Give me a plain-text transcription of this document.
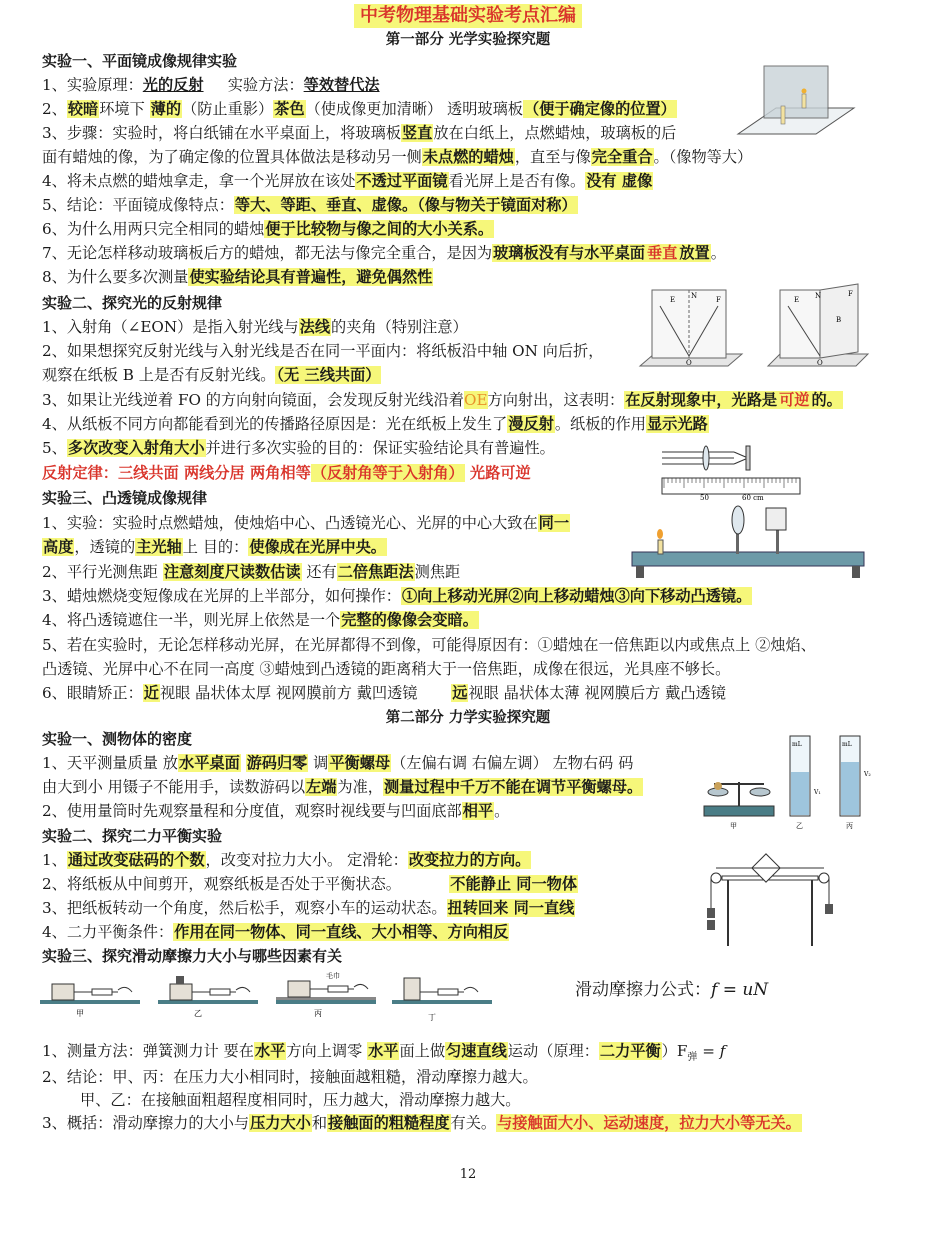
中考物理基础实验考点汇编
第一部分 光学实验探究题
实验一、平面镜成像规律实验
1、实验原理：光的反射 实验方法：等效替代法
2、较暗环境下 薄的（防止重影）茶色（使成像更加清晰） 透明玻璃板（便于确定像的位置）
3、步骤：实验时，将白纸铺在水平桌面上，将玻璃板竖直放在白纸上，点燃蜡烛，玻璃板的后
面有蜡烛的像，为了确定像的位置具体做法是移动另一侧未点燃的蜡烛，直至与像完全重合。（像物等大）
4、将未点燃的蜡烛拿走，拿一个光屏放在该处不透过平面镜看光屏上是否有像。没有 虚像
5、结论：平面镜成像特点：等大、等距、垂直、虚像。（像与物关于镜面对称）
6、为什么用两只完全相同的蜡烛便于比较物与像之间的大小关系。
7、无论怎样移动玻璃板后方的蜡烛，都无法与像完全重合，是因为玻璃板没有与水平桌面 垂直 放置。
8、为什么要多次测量使实验结论具有普遍性，避免偶然性
实验二、探究光的反射规律
1、入射角（∠EON）是指入射光线与法线的夹角（特别注意）
2、如果想探究反射光线与入射光线是否在同一平面内：将纸板沿中轴 ON 向后折，
观察在纸板 B 上是否有反射光线。（无 三线共面）
3、如果让光线逆着 FO 的方向射向镜面，会发现反射光线沿着OE方向射出，这表明：在反射现象中，光路是 可逆 的。
4、从纸板不同方向都能看到光的传播路径原因是：光在纸板上发生了漫反射。纸板的作用显示光路
5、多次改变入射角大小并进行多次实验的目的：保证实验结论具有普遍性。
反射定律：三线共面 两线分居 两角相等（反射角等于入射角） 光路可逆
实验三、凸透镜成像规律
1、实验：实验时点燃蜡烛，使烛焰中心、凸透镜光心、光屏的中心大致在同一
高度，透镜的主光轴上 目的：使像成在光屏中央。
2、平行光测焦距 注意刻度尺读数估读 还有二倍焦距法测焦距
3、蜡烛燃烧变短像成在光屏的上半部分，如何操作：①向上移动光屏②向上移动蜡烛③向下移动凸透镜。
4、将凸透镜遮住一半，则光屏上依然是一个完整的像像会变暗。
5、若在实验时，无论怎样移动光屏，在光屏都得不到像，可能得原因有：①蜡烛在一倍焦距以内或焦点上 ②烛焰、
凸透镜、光屏中心不在同一高度 ③蜡烛到凸透镜的距离稍大于一倍焦距，成像在很远，光具座不够长。
6、眼睛矫正：近视眼 晶状体太厚 视网膜前方 戴凹透镜 远视眼 晶状体太薄 视网膜后方 戴凸透镜
第二部分 力学实验探究题
实验一、测物体的密度
1、天平测量质量 放水平桌面 游码归零 调平衡螺母（左偏右调 右偏左调） 左物右码 码
由大到小 用镊子不能用手，读数游码以左端为准，测量过程中千万不能在调节平衡螺母。
2、使用量筒时先观察量程和分度值，观察时视线要与凹面底部相平。
实验二、探究二力平衡实验
1、通过改变砝码的个数，改变对拉力大小。 定滑轮：改变拉力的方向。
2、将纸板从中间剪开，观察纸板是否处于平衡状态。	不能静止 同一物体
3、把纸板转动一个角度，然后松手，观察小车的运动状态。扭转回来 同一直线
4、二力平衡条件：作用在同一物体、同一直线、大小相等、方向相反
实验三、探究滑动摩擦力大小与哪些因素有关
滑动摩擦力公式：f = uN
1、测量方法：弹簧测力计 要在水平方向上调零 水平面上做匀速直线运动（原理：二力平衡）$F_弹 = f$
2、结论：甲、丙：在压力大小相同时，接触面越粗糙，滑动摩擦力越大。
甲、乙：在接触面粗超程度相同时，压力越大，滑动摩擦力越大。
3、概括：滑动摩擦力的大小与压力大小和接触面的粗糙程度有关。与接触面大小、运动速度，拉力大小等无关。
12
E N
O
F	E N
O
F
B
50	60 cm
甲
mL
V₁
乙
mL
V₂
丙
甲	乙
毛巾
丙	丁
